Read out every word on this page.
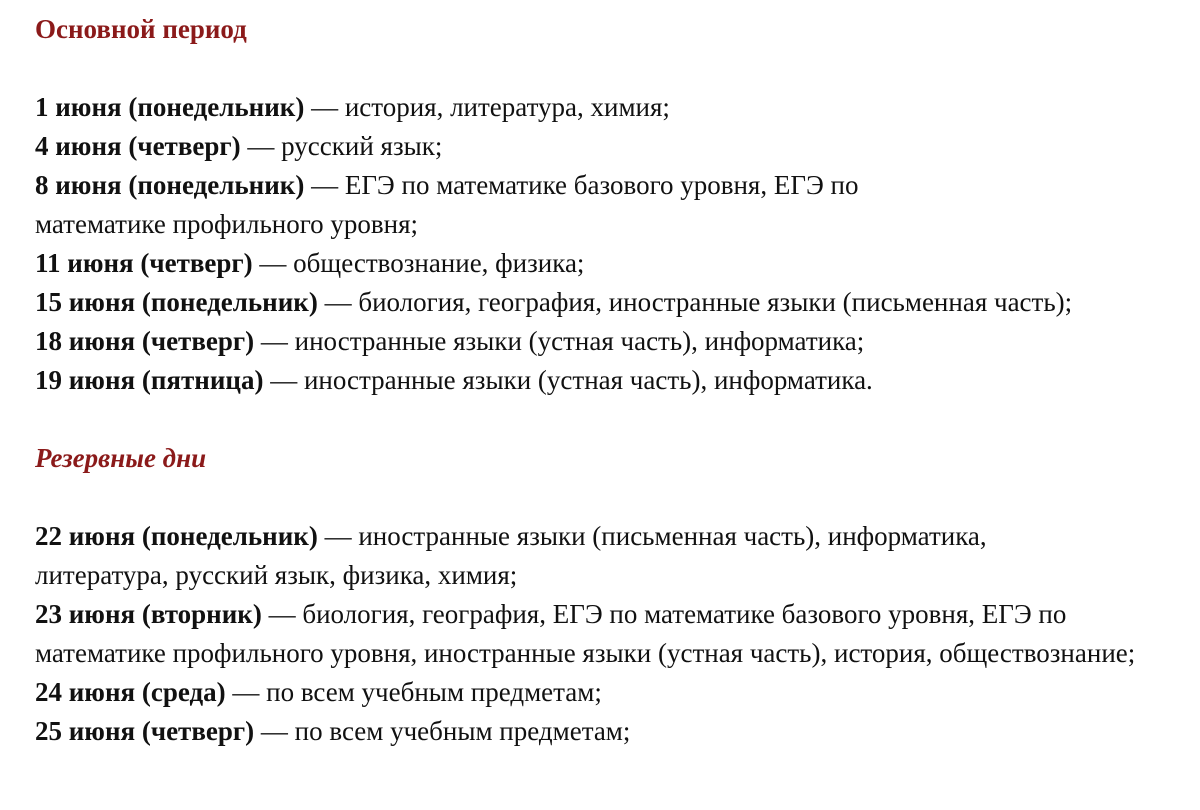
Основной период

1 июня (понедельник) — история, литература, химия;

4 июня (четверг) — русский язык;

8 июня (понедельник) — ЕГЭ по математике базового уровня, ЕГЭ по математике профильного уровня;

11 июня (четверг) — обществознание, физика;

15 июня (понедельник) — биология, география, иностранные языки (письменная часть);

18 июня (четверг) — иностранные языки (устная часть), информатика;

19 июня (пятница) — иностранные языки (устная часть), информатика.

Резервные дни

22 июня (понедельник) — иностранные языки (письменная часть), информатика, литература, русский язык, физика, химия;

23 июня (вторник) — биология, география, ЕГЭ по математике базового уровня, ЕГЭ по математике профильного уровня, иностранные языки (устная часть), история, обществознание;

24 июня (среда) — по всем учебным предметам;

25 июня (четверг) — по всем учебным предметам;
